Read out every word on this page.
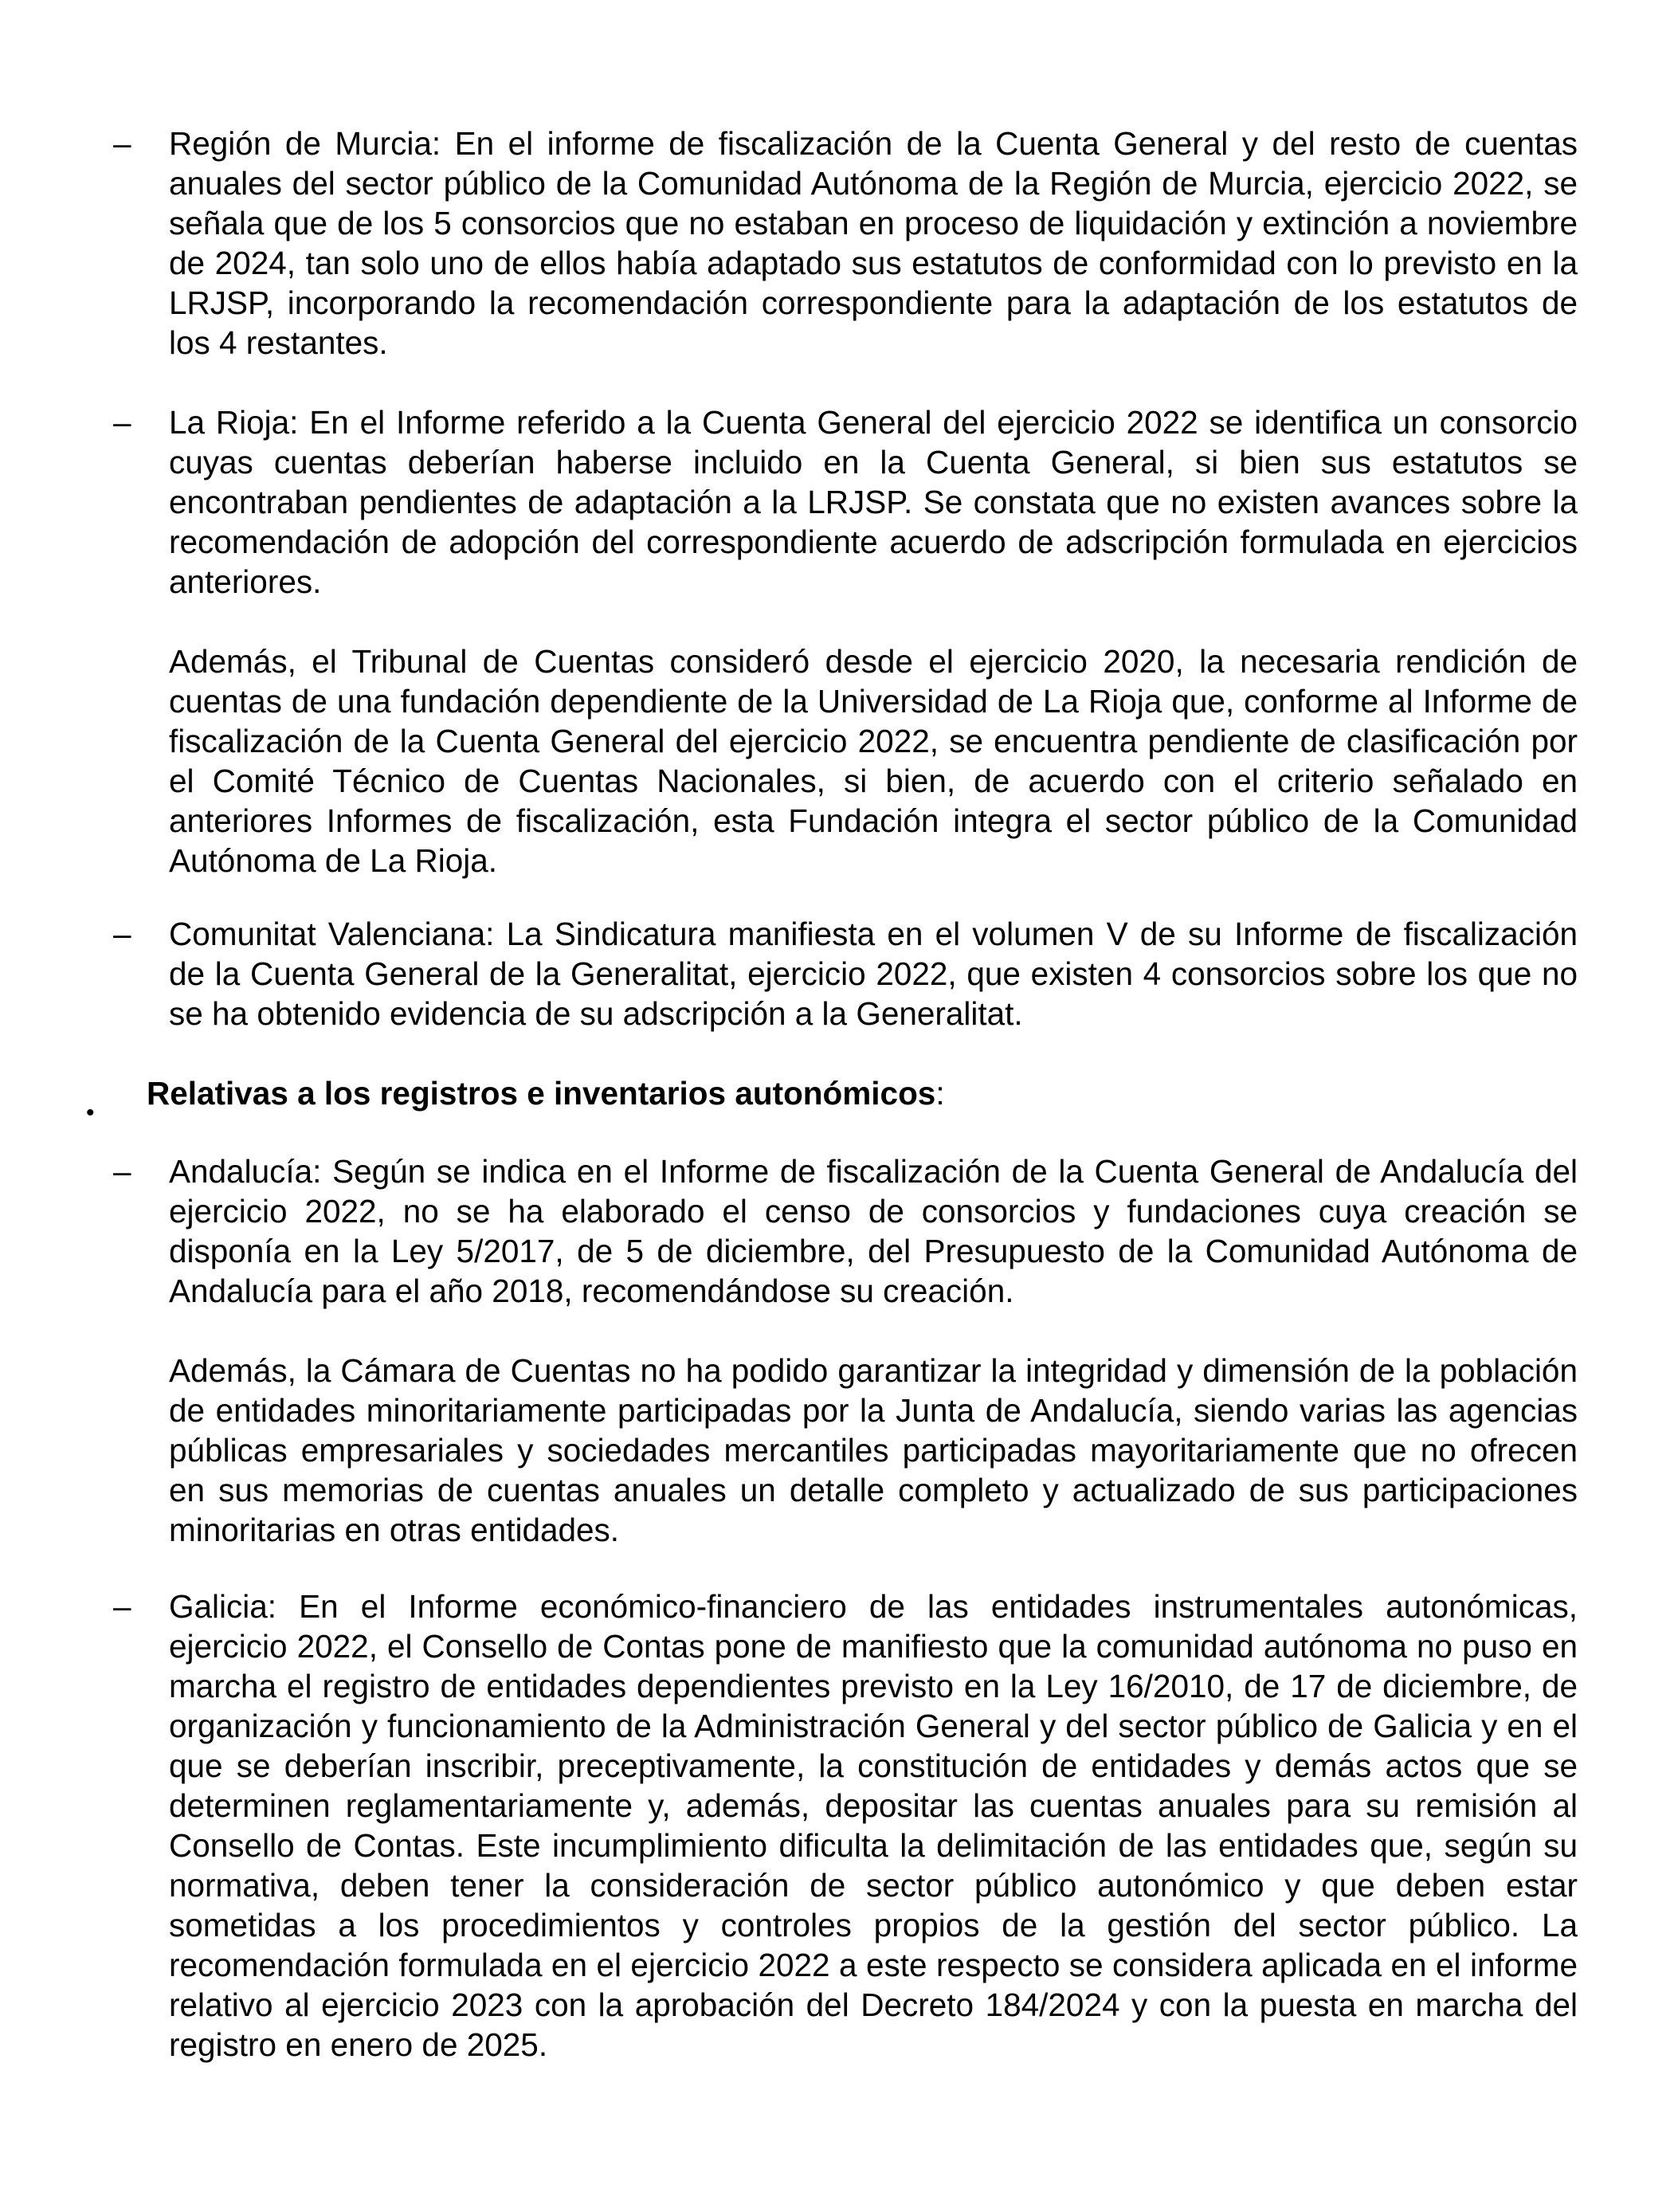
–	Región de Murcia: En el informe de fiscalización de la Cuenta General y del resto de cuentas anuales del sector público de la Comunidad Autónoma de la Región de Murcia, ejercicio 2022, se señala que de los 5 consorcios que no estaban en proceso de liquidación y extinción a noviembre de 2024, tan solo uno de ellos había adaptado sus estatutos de conformidad con lo previsto en la LRJSP, incorporando la recomendación correspondiente para la adaptación de los estatutos de los 4 restantes.

–	La Rioja: En el Informe referido a la Cuenta General del ejercicio 2022 se identifica un consorcio cuyas cuentas deberían haberse incluido en la Cuenta General, si bien sus estatutos se encontraban pendientes de adaptación a la LRJSP. Se constata que no existen avances sobre la recomendación de adopción del correspondiente acuerdo de adscripción formulada en ejercicios anteriores.

Además, el Tribunal de Cuentas consideró desde el ejercicio 2020, la necesaria rendición de cuentas de una fundación dependiente de la Universidad de La Rioja que, conforme al Informe de fiscalización de la Cuenta General del ejercicio 2022, se encuentra pendiente de clasificación por el Comité Técnico de Cuentas Nacionales, si bien, de acuerdo con el criterio señalado en anteriores Informes de fiscalización, esta Fundación integra el sector público de la Comunidad Autónoma de La Rioja.

–	Comunitat Valenciana: La Sindicatura manifiesta en el volumen V de su Informe de fiscalización de la Cuenta General de la Generalitat, ejercicio 2022, que existen 4 consorcios sobre los que no se ha obtenido evidencia de su adscripción a la Generalitat.

•
Relativas a los registros e inventarios autonómicos:
–	Andalucía: Según se indica en el Informe de fiscalización de la Cuenta General de Andalucía del ejercicio 2022, no se ha elaborado el censo de consorcios y fundaciones cuya creación se disponía en la Ley 5/2017, de 5 de diciembre, del Presupuesto de la Comunidad Autónoma de Andalucía para el año 2018, recomendándose su creación.

Además, la Cámara de Cuentas no ha podido garantizar la integridad y dimensión de la población de entidades minoritariamente participadas por la Junta de Andalucía, siendo varias las agencias públicas empresariales y sociedades mercantiles participadas mayoritariamente que no ofrecen en sus memorias de cuentas anuales un detalle completo y actualizado de sus participaciones minoritarias en otras entidades.

–	Galicia: En el Informe económico-financiero de las entidades instrumentales autonómicas, ejercicio 2022, el Consello de Contas pone de manifiesto que la comunidad autónoma no puso en marcha el registro de entidades dependientes previsto en la Ley 16/2010, de 17 de diciembre, de organización y funcionamiento de la Administración General y del sector público de Galicia y en el que se deberían inscribir, preceptivamente, la constitución de entidades y demás actos que se determinen reglamentariamente y, además, depositar las cuentas anuales para su remisión al Consello de Contas. Este incumplimiento dificulta la delimitación de las entidades que, según su normativa, deben tener la consideración de sector público autonómico y que deben estar sometidas a los procedimientos y controles propios de la gestión del sector público. La recomendación formulada en el ejercicio 2022 a este respecto se considera aplicada en el informe relativo al ejercicio 2023 con la aprobación del Decreto 184/2024 y con la puesta en marcha del registro en enero de 2025.
